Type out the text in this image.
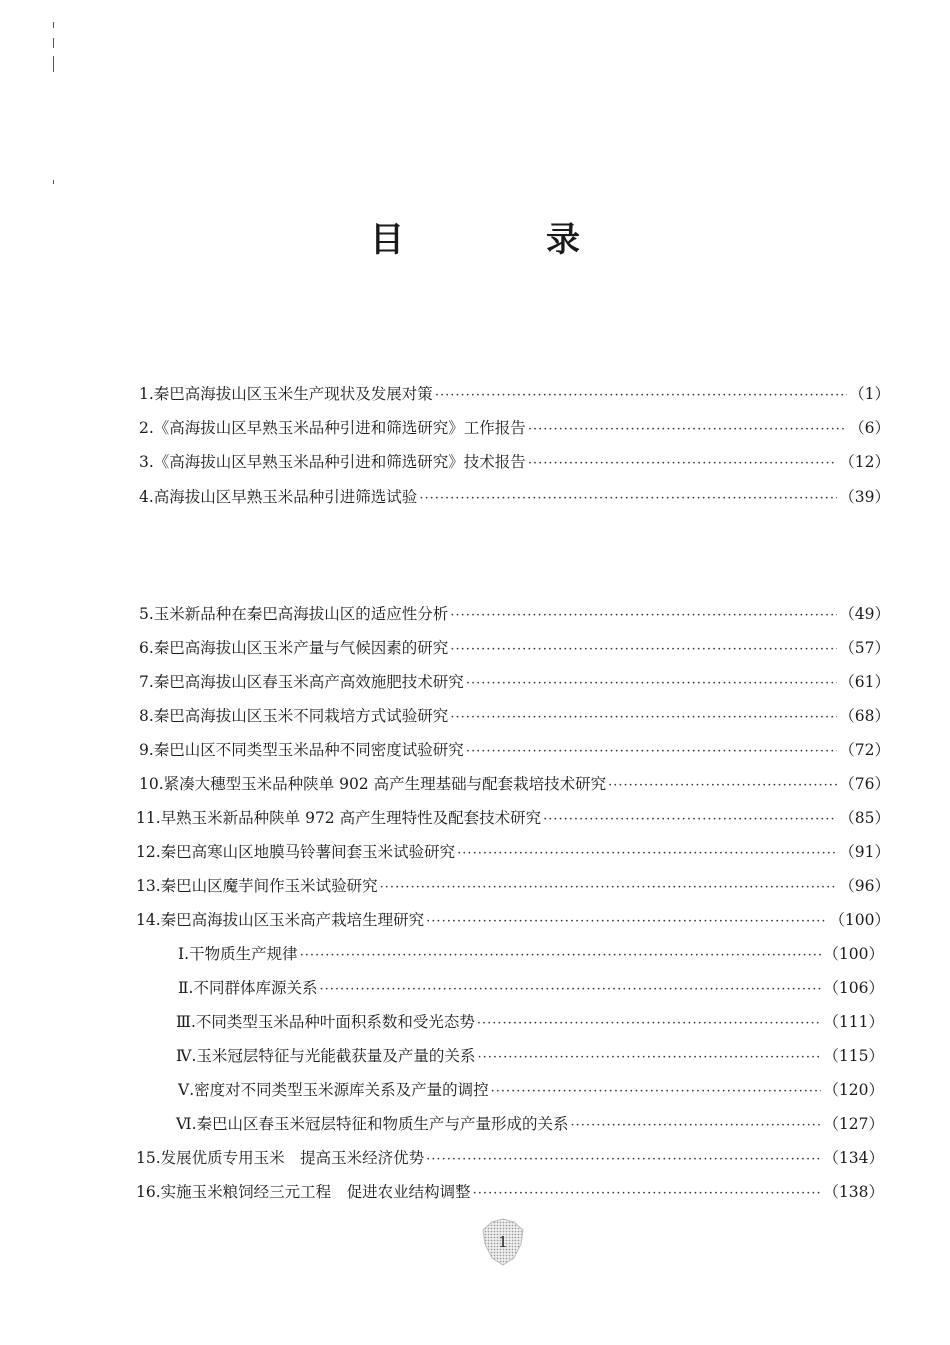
目　录
1. 秦巴高海拔山区玉米生产现状及发展对策 ·····	（1）
2. 《高海拔山区早熟玉米品种引进和筛选研究》工作报告 ·····	（6）
3. 《高海拔山区早熟玉米品种引进和筛选研究》技术报告 ·····	（12）
4. 高海拔山区早熟玉米品种引进筛选试验 ·····	（39）
5. 玉米新品种在秦巴高海拔山区的适应性分析 ·····	（49）
6. 秦巴高海拔山区玉米产量与气候因素的研究 ·····	（57）
7. 秦巴高海拔山区春玉米高产高效施肥技术研究 ·····	（61）
8. 秦巴高海拔山区玉米不同栽培方式试验研究 ·····	（68）
9. 秦巴山区不同类型玉米品种不同密度试验研究 ·····	（72）
10. 紧凑大穗型玉米品种陕单 902 高产生理基础与配套栽培技术研究 ·····	（76）
11. 早熟玉米新品种陕单 972 高产生理特性及配套技术研究 ·····	（85）
12. 秦巴高寒山区地膜马铃薯间套玉米试验研究 ·····	（91）
13. 秦巴山区魔芋间作玉米试验研究 ·····	（96）
14. 秦巴高海拔山区玉米高产栽培生理研究 ·····	（100）
Ⅰ. 干物质生产规律 ·····	（100）
Ⅱ. 不同群体库源关系 ·····	（106）
Ⅲ. 不同类型玉米品种叶面积系数和受光态势 ·····	（111）
Ⅳ. 玉米冠层特征与光能截获量及产量的关系 ·····	（115）
Ⅴ. 密度对不同类型玉米源库关系及产量的调控 ·····	（120）
Ⅵ. 秦巴山区春玉米冠层特征和物质生产与产量形成的关系 ·····	（127）
15. 发展优质专用玉米　提高玉米经济优势 ·····	（134）
16. 实施玉米粮饲经三元工程　促进农业结构调整 ·····	（138）
1
